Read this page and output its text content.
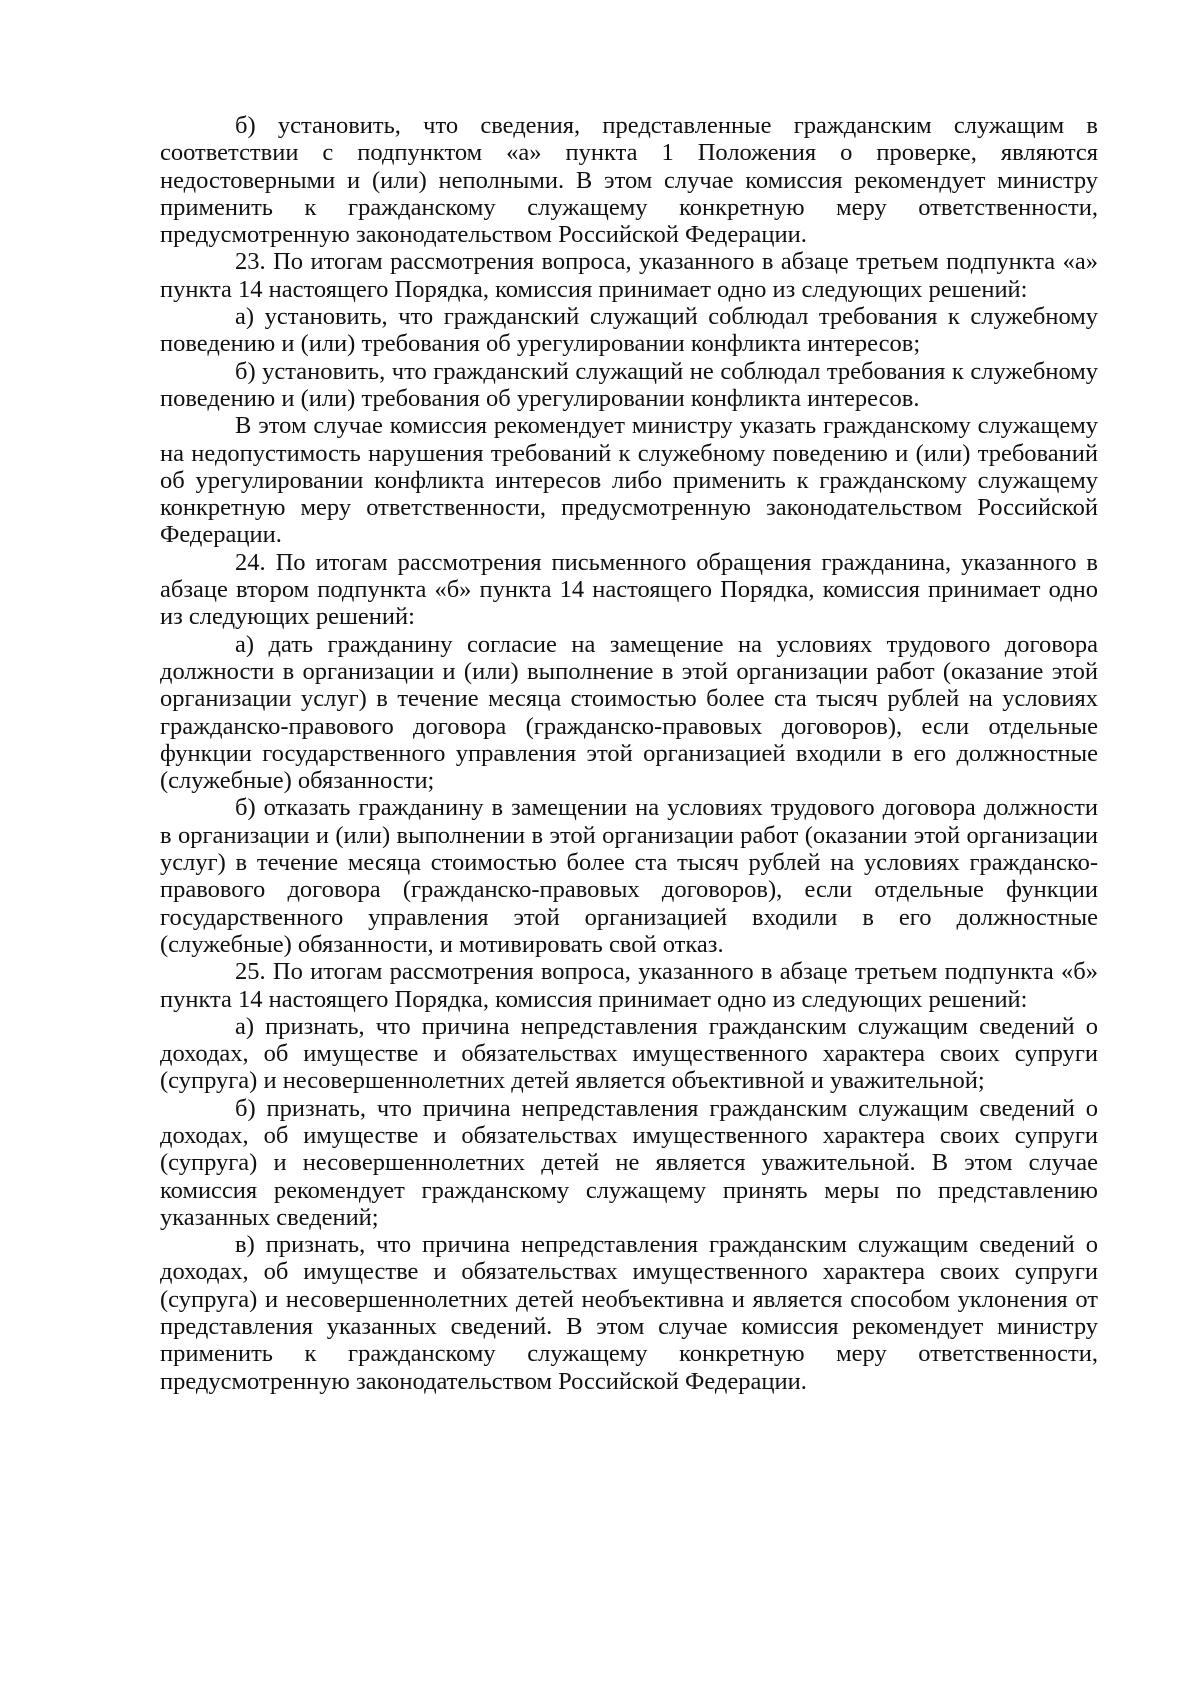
б) установить, что сведения, представленные гражданским служащим в соответствии с подпунктом «а» пункта 1 Положения о проверке, являются недостоверными и (или) неполными. В этом случае комиссия рекомендует министру применить к гражданскому служащему конкретную меру ответственности, предусмотренную законодательством Российской Федерации.

23. По итогам рассмотрения вопроса, указанного в абзаце третьем подпункта «а» пункта 14 настоящего Порядка, комиссия принимает одно из следующих решений:

а) установить, что гражданский служащий соблюдал требования к служебному поведению и (или) требования об урегулировании конфликта интересов;

б) установить, что гражданский служащий не соблюдал требования к служебному поведению и (или) требования об урегулировании конфликта интересов.

В этом случае комиссия рекомендует министру указать гражданскому служащему на недопустимость нарушения требований к служебному поведению и (или) требований об урегулировании конфликта интересов либо применить к гражданскому служащему конкретную меру ответственности, предусмотренную законодательством Российской Федерации.

24. По итогам рассмотрения письменного обращения гражданина, указанного в абзаце втором подпункта «б» пункта 14 настоящего Порядка, комиссия принимает одно из следующих решений:

а) дать гражданину согласие на замещение на условиях трудового договора должности в организации и (или) выполнение в этой организации работ (оказание этой организации услуг) в течение месяца стоимостью более ста тысяч рублей на условиях гражданско-правового договора (гражданско-правовых договоров), если отдельные функции государственного управления этой организацией входили в его должностные (служебные) обязанности;

б) отказать гражданину в замещении на условиях трудового договора должности в организации и (или) выполнении в этой организации работ (оказании этой организации услуг) в течение месяца стоимостью более ста тысяч рублей на условиях гражданско-правового договора (гражданско-правовых договоров), если отдельные функции государственного управления этой организацией входили в его должностные (служебные) обязанности, и мотивировать свой отказ.

25. По итогам рассмотрения вопроса, указанного в абзаце третьем подпункта «б» пункта 14 настоящего Порядка, комиссия принимает одно из следующих решений:

а) признать, что причина непредставления гражданским служащим сведений о доходах, об имуществе и обязательствах имущественного характера своих супруги (супруга) и несовершеннолетних детей является объективной и уважительной;

б) признать, что причина непредставления гражданским служащим сведений о доходах, об имуществе и обязательствах имущественного характера своих супруги (супруга) и несовершеннолетних детей не является уважительной. В этом случае комиссия рекомендует гражданскому служащему принять меры по представлению указанных сведений;

в) признать, что причина непредставления гражданским служащим сведений о доходах, об имуществе и обязательствах имущественного характера своих супруги (супруга) и несовершеннолетних детей необъективна и является способом уклонения от представления указанных сведений. В этом случае комиссия рекомендует министру применить к гражданскому служащему конкретную меру ответственности, предусмотренную законодательством Российской Федерации.
